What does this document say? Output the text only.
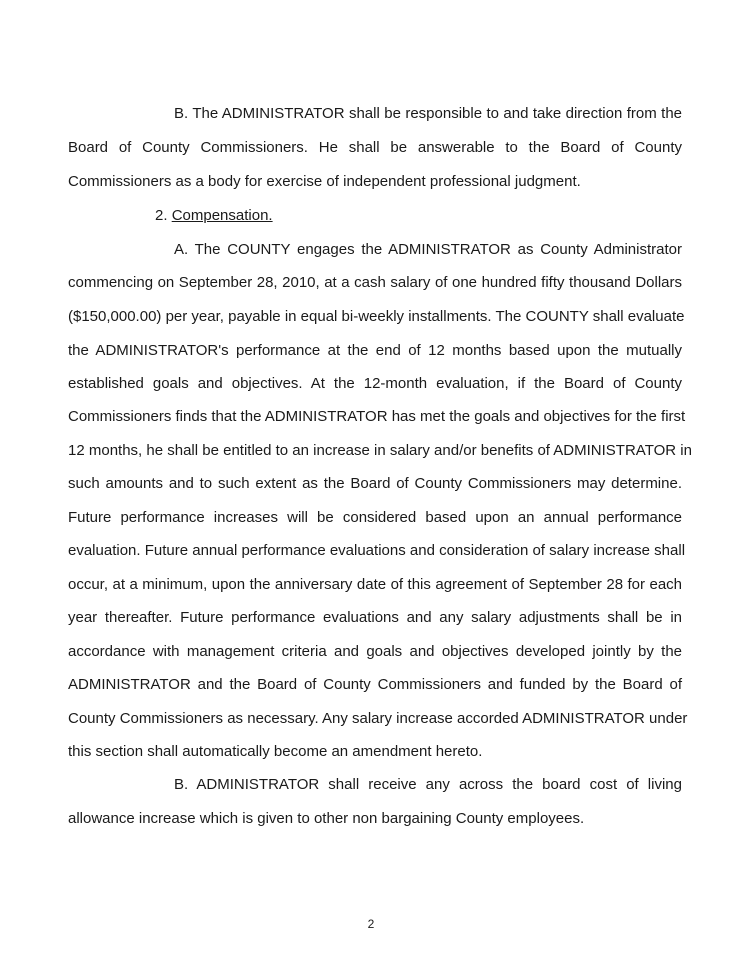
B. The ADMINISTRATOR shall be responsible to and take direction from the

Board of County Commissioners. He shall be answerable to the Board of County

Commissioners as a body for exercise of independent professional judgment.

2. Compensation.

A. The COUNTY engages the ADMINISTRATOR as County Administrator

commencing on September 28, 2010, at a cash salary of one hundred fifty thousand Dollars

($150,000.00) per year, payable in equal bi-weekly installments. The COUNTY shall evaluate

the ADMINISTRATOR's performance at the end of 12 months based upon the mutually

established goals and objectives. At the 12-month evaluation, if the Board of County

Commissioners finds that the ADMINISTRATOR has met the goals and objectives for the first

12 months, he shall be entitled to an increase in salary and/or benefits of ADMINISTRATOR in

such amounts and to such extent as the Board of County Commissioners may determine.

Future performance increases will be considered based upon an annual performance

evaluation. Future annual performance evaluations and consideration of salary increase shall

occur, at a minimum, upon the anniversary date of this agreement of September 28 for each

year thereafter. Future performance evaluations and any salary adjustments shall be in

accordance with management criteria and goals and objectives developed jointly by the

ADMINISTRATOR and the Board of County Commissioners and funded by the Board of

County Commissioners as necessary. Any salary increase accorded ADMINISTRATOR under

this section shall automatically become an amendment hereto.

B. ADMINISTRATOR shall receive any across the board cost of living

allowance increase which is given to other non bargaining County employees.

2
